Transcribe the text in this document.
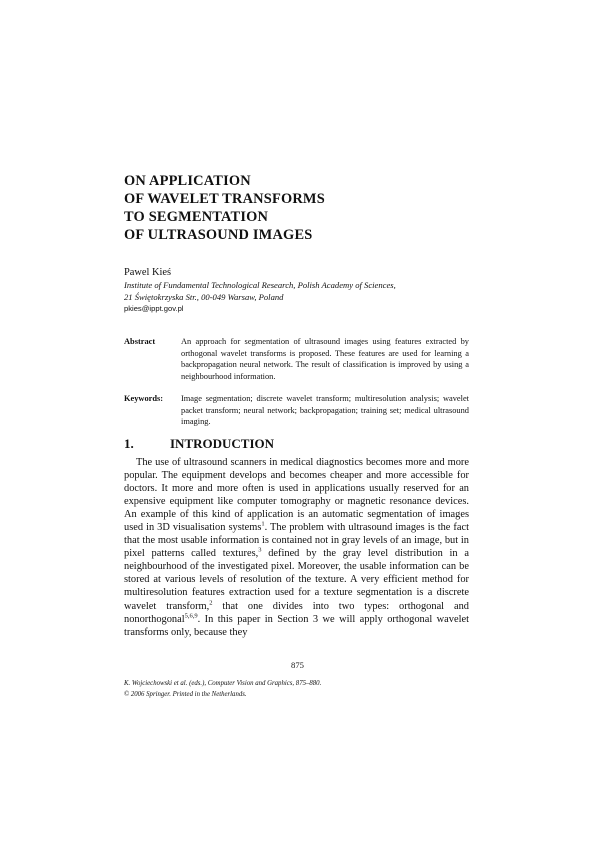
ON APPLICATION
OF WAVELET TRANSFORMS
TO SEGMENTATION
OF ULTRASOUND IMAGES
Pawel Kieś
Institute of Fundamental Technological Research, Polish Academy of Sciences,
21 Świętokrzyska Str., 00-049 Warsaw, Poland
pkies@ippt.gov.pl
Abstract	An approach for segmentation of ultrasound images using features extracted by orthogonal wavelet transforms is proposed. These features are used for learning a backpropagation neural network. The result of classification is improved by using a neighbourhood information.
Keywords: Image segmentation; discrete wavelet transform; multiresolution analysis; wavelet packet transform; neural network; backpropagation; training set; medical ultrasound imaging.
1.	INTRODUCTION

The use of ultrasound scanners in medical diagnostics becomes more and more popular. The equipment develops and becomes cheaper and more accessible for doctors. It more and more often is used in applications usually reserved for an expensive equipment like computer tomography or magnetic resonance devices. An example of this kind of application is an automatic segmentation of images used in 3D visualisation systems$^1$. The problem with ultrasound images is the fact that the most usable information is contained not in gray levels of an image, but in pixel patterns called textures,$^3$ defined by the gray level distribution in a neighbourhood of the investigated pixel. Moreover, the usable information can be stored at various levels of resolution of the texture. A very efficient method for multiresolution features extraction used for a texture segmentation is a discrete wavelet transform,$^2$ that one divides into two types: orthogonal and nonorthogonal$^{5,6,9}$. In this paper in Section 3 we will apply orthogonal wavelet transforms only, because they

875
K. Wojciechowski et al. (eds.), Computer Vision and Graphics, 875–880.
© 2006 Springer. Printed in the Netherlands.
